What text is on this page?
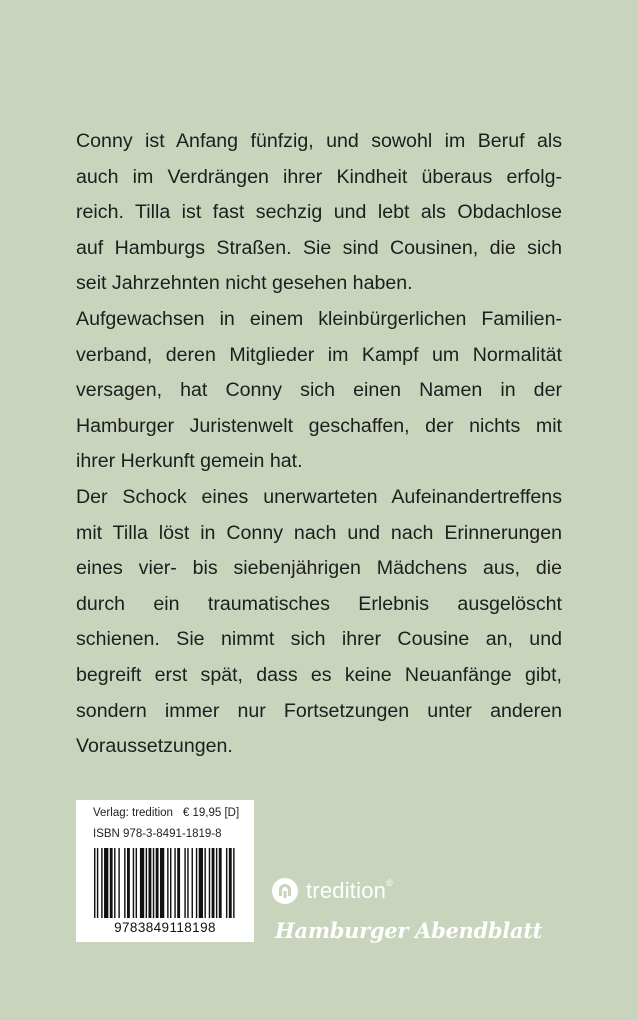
Conny ist Anfang fünfzig, und sowohl im Beruf als
auch im Verdrängen ihrer Kindheit überaus erfolg-
reich. Tilla ist fast sechzig und lebt als Obdachlose
auf Hamburgs Straßen. Sie sind Cousinen, die sich
seit Jahrzehnten nicht gesehen haben.
Aufgewachsen in einem kleinbürgerlichen Familien-
verband, deren Mitglieder im Kampf um Normalität
versagen, hat Conny sich einen Namen in der
Hamburger Juristenwelt geschaffen, der nichts mit
ihrer Herkunft gemein hat.
Der Schock eines unerwarteten Aufeinandertreffens
mit Tilla löst in Conny nach und nach Erinnerungen
eines vier- bis siebenjährigen Mädchens aus, die
durch ein traumatisches Erlebnis ausgelöscht
schienen. Sie nimmt sich ihrer Cousine an, und
begreift erst spät, dass es keine Neuanfänge gibt,
sondern immer nur Fortsetzungen unter anderen
Voraussetzungen.
Verlag: tredition € 19,95 [D]
ISBN 978-3-8491-1819-8
9783849118198
tredition®
Hamburger Abendblatt
